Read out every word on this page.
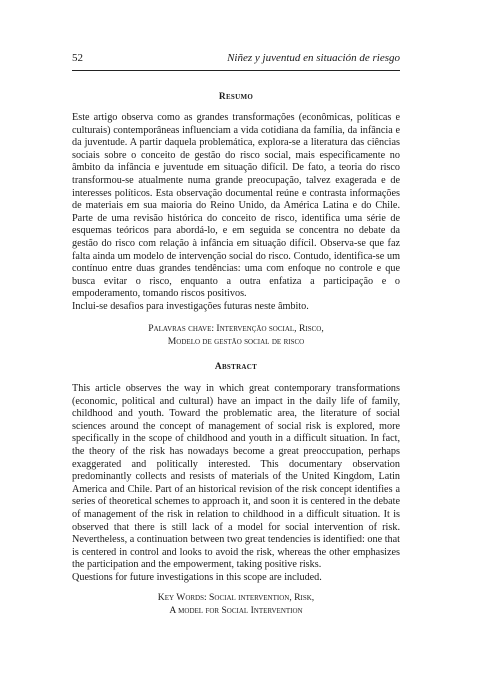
52	Niñez y juventud en situación de riesgo
Resumo

Este artigo observa como as grandes transformações (econômicas, políticas e culturais) contemporâneas influenciam a vida cotidiana da família, da infância e da juventude. A partir daquela problemática, explora-se a literatura das ciências sociais sobre o conceito de gestão do risco social, mais especificamente no âmbito da infância e juventude em situação difícil. De fato, a teoria do risco transformou-se atualmente numa grande preocupação, talvez exagerada e de interesses políticos. Esta observação documental reúne e contrasta informações de materiais em sua maioria do Reino Unido, da América Latina e do Chile. Parte de uma revisão histórica do conceito de risco, identifica uma série de esquemas teóricos para abordá-lo, e em seguida se concentra no debate da gestão do risco com relação à infância em situação difícil. Observa-se que faz falta ainda um modelo de intervenção social do risco. Contudo, identifica-se um contínuo entre duas grandes tendências: uma com enfoque no controle e que busca evitar o risco, enquanto a outra enfatiza a participação e o empoderamento, tomando riscos positivos.
Inclui-se desafios para investigações futuras neste âmbito.

Palavras chave: Intervenção social, Risco,
Modelo de gestão social de risco
Abstract

This article observes the way in which great contemporary transformations (economic, political and cultural) have an impact in the daily life of family, childhood and youth. Toward the problematic area, the literature of social sciences around the concept of management of social risk is explored, more specifically in the scope of childhood and youth in a difficult situation. In fact, the theory of the risk has nowadays become a great preoccupation, perhaps exaggerated and politically interested. This documentary observation predominantly collects and resists of materials of the United Kingdom, Latin America and Chile. Part of an historical revision of the risk concept identifies a series of theoretical schemes to approach it, and soon it is centered in the debate of management of the risk in relation to childhood in a difficult situation. It is observed that there is still lack of a model for social intervention of risk. Nevertheless, a continuation between two great tendencies is identified: one that is centered in control and looks to avoid the risk, whereas the other emphasizes the participation and the empowerment, taking positive risks.
Questions for future investigations in this scope are included.

Key Words: Social intervention, Risk,
A model for Social Intervention
